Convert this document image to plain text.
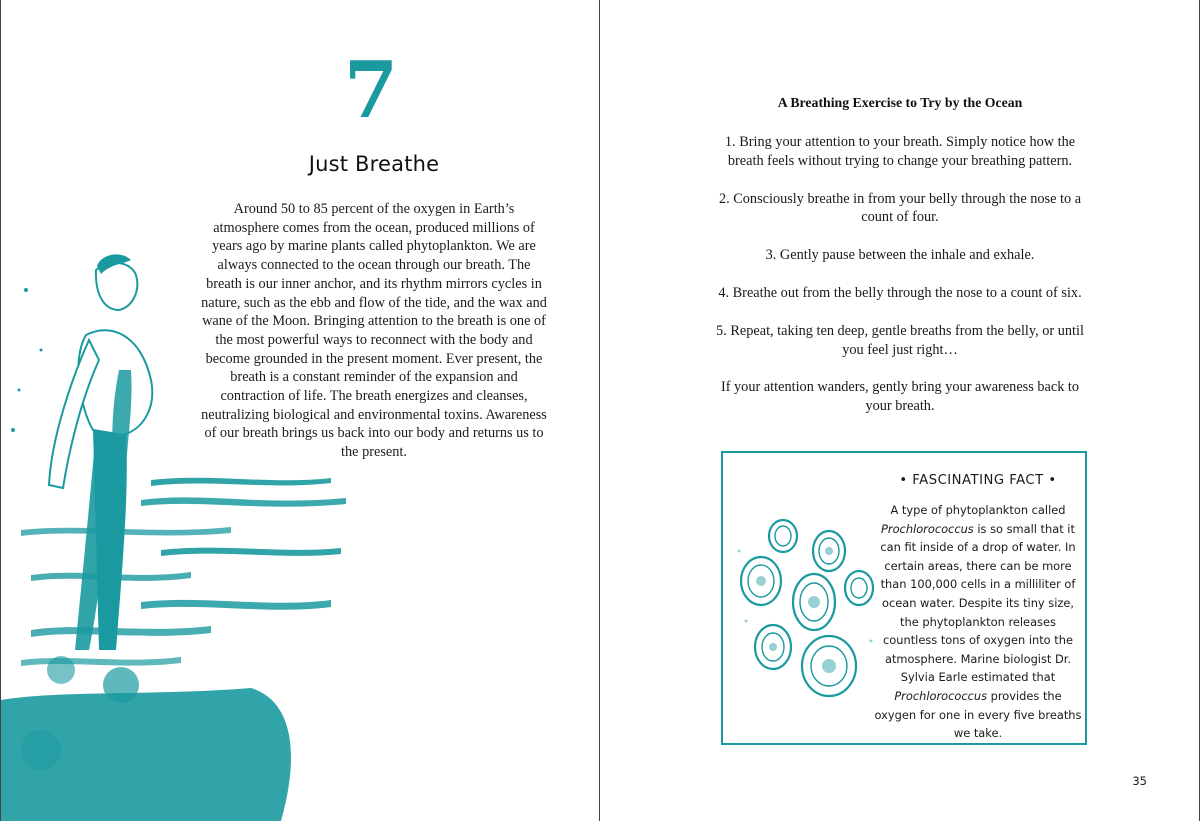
7
Just Breathe

Around 50 to 85 percent of the oxygen in Earth’s atmosphere comes from the ocean, produced millions of years ago by marine plants called phytoplankton. We are always connected to the ocean through our breath. The breath is our inner anchor, and its rhythm mirrors cycles in nature, such as the ebb and flow of the tide, and the wax and wane of the Moon. Bringing attention to the breath is one of the most powerful ways to reconnect with the body and become grounded in the present moment. Ever present, the breath is a constant reminder of the expansion and contraction of life. The breath energizes and cleanses, neutralizing biological and environmental toxins. Awareness of our breath brings us back into our body and returns us to the present.

A Breathing Exercise to Try by the Ocean

1. Bring your attention to your breath. Simply notice how the breath feels without trying to change your breathing pattern.

2. Consciously breathe in from your belly through the nose to a count of four.

3. Gently pause between the inhale and exhale.

4. Breathe out from the belly through the nose to a count of six.

5. Repeat, taking ten deep, gentle breaths from the belly, or until you feel just right…

If your attention wanders, gently bring your awareness back to your breath.

• FASCINATING FACT •

A type of phytoplankton called Prochlorococcus is so small that it can fit inside of a drop of water. In certain areas, there can be more than 100,000 cells in a milliliter of ocean water. Despite its tiny size, the phytoplankton releases countless tons of oxygen into the atmosphere. Marine biologist Dr. Sylvia Earle estimated that Prochlorococcus provides the oxygen for one in every five breaths we take.

35
